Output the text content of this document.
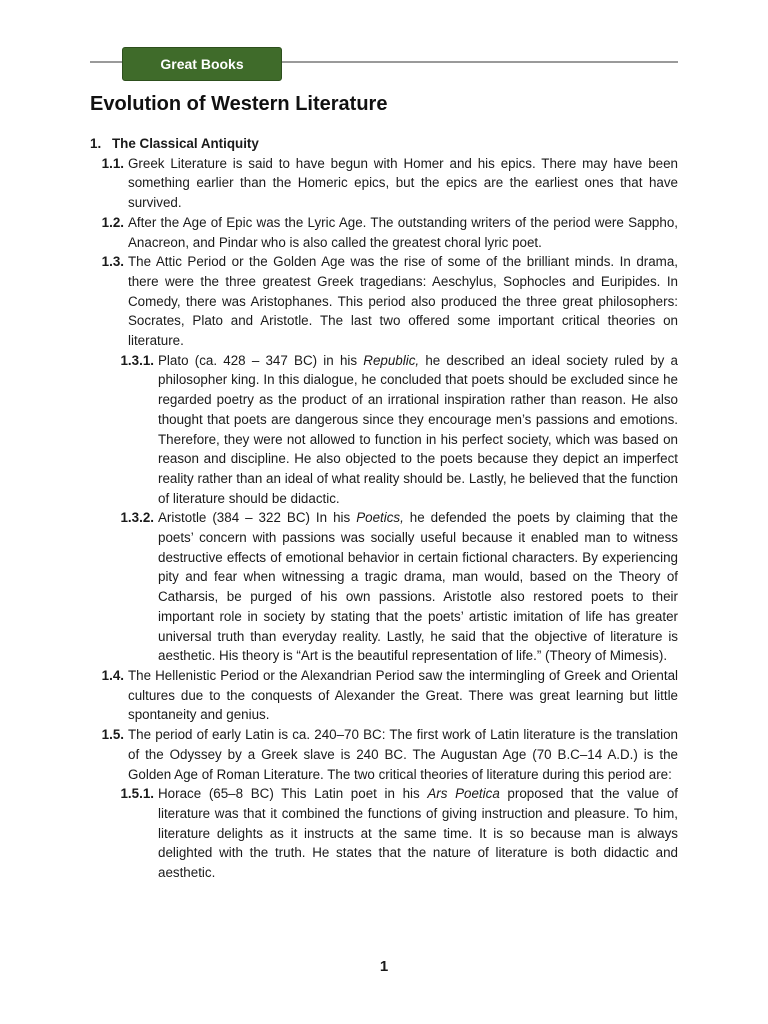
Great Books
Evolution of Western Literature
1. The Classical Antiquity
1.1. Greek Literature is said to have begun with Homer and his epics. There may have been something earlier than the Homeric epics, but the epics are the earliest ones that have survived.
1.2. After the Age of Epic was the Lyric Age. The outstanding writers of the period were Sappho, Anacreon, and Pindar who is also called the greatest choral lyric poet.
1.3. The Attic Period or the Golden Age was the rise of some of the brilliant minds. In drama, there were the three greatest Greek tragedians: Aeschylus, Sophocles and Euripides. In Comedy, there was Aristophanes. This period also produced the three great philosophers: Socrates, Plato and Aristotle. The last two offered some important critical theories on literature.
1.3.1. Plato (ca. 428 – 347 BC) in his Republic, he described an ideal society ruled by a philosopher king. In this dialogue, he concluded that poets should be excluded since he regarded poetry as the product of an irrational inspiration rather than reason. He also thought that poets are dangerous since they encourage men’s passions and emotions. Therefore, they were not allowed to function in his perfect society, which was based on reason and discipline. He also objected to the poets because they depict an imperfect reality rather than an ideal of what reality should be. Lastly, he believed that the function of literature should be didactic.
1.3.2. Aristotle (384 – 322 BC) In his Poetics, he defended the poets by claiming that the poets’ concern with passions was socially useful because it enabled man to witness destructive effects of emotional behavior in certain fictional characters. By experiencing pity and fear when witnessing a tragic drama, man would, based on the Theory of Catharsis, be purged of his own passions. Aristotle also restored poets to their important role in society by stating that the poets’ artistic imitation of life has greater universal truth than everyday reality. Lastly, he said that the objective of literature is aesthetic. His theory is “Art is the beautiful representation of life.” (Theory of Mimesis).
1.4. The Hellenistic Period or the Alexandrian Period saw the intermingling of Greek and Oriental cultures due to the conquests of Alexander the Great. There was great learning but little spontaneity and genius.
1.5. The period of early Latin is ca. 240–70 BC: The first work of Latin literature is the translation of the Odyssey by a Greek slave is 240 BC. The Augustan Age (70 B.C–14 A.D.) is the Golden Age of Roman Literature. The two critical theories of literature during this period are:
1.5.1. Horace (65–8 BC) This Latin poet in his Ars Poetica proposed that the value of literature was that it combined the functions of giving instruction and pleasure. To him, literature delights as it instructs at the same time. It is so because man is always delighted with the truth. He states that the nature of literature is both didactic and aesthetic.
1
